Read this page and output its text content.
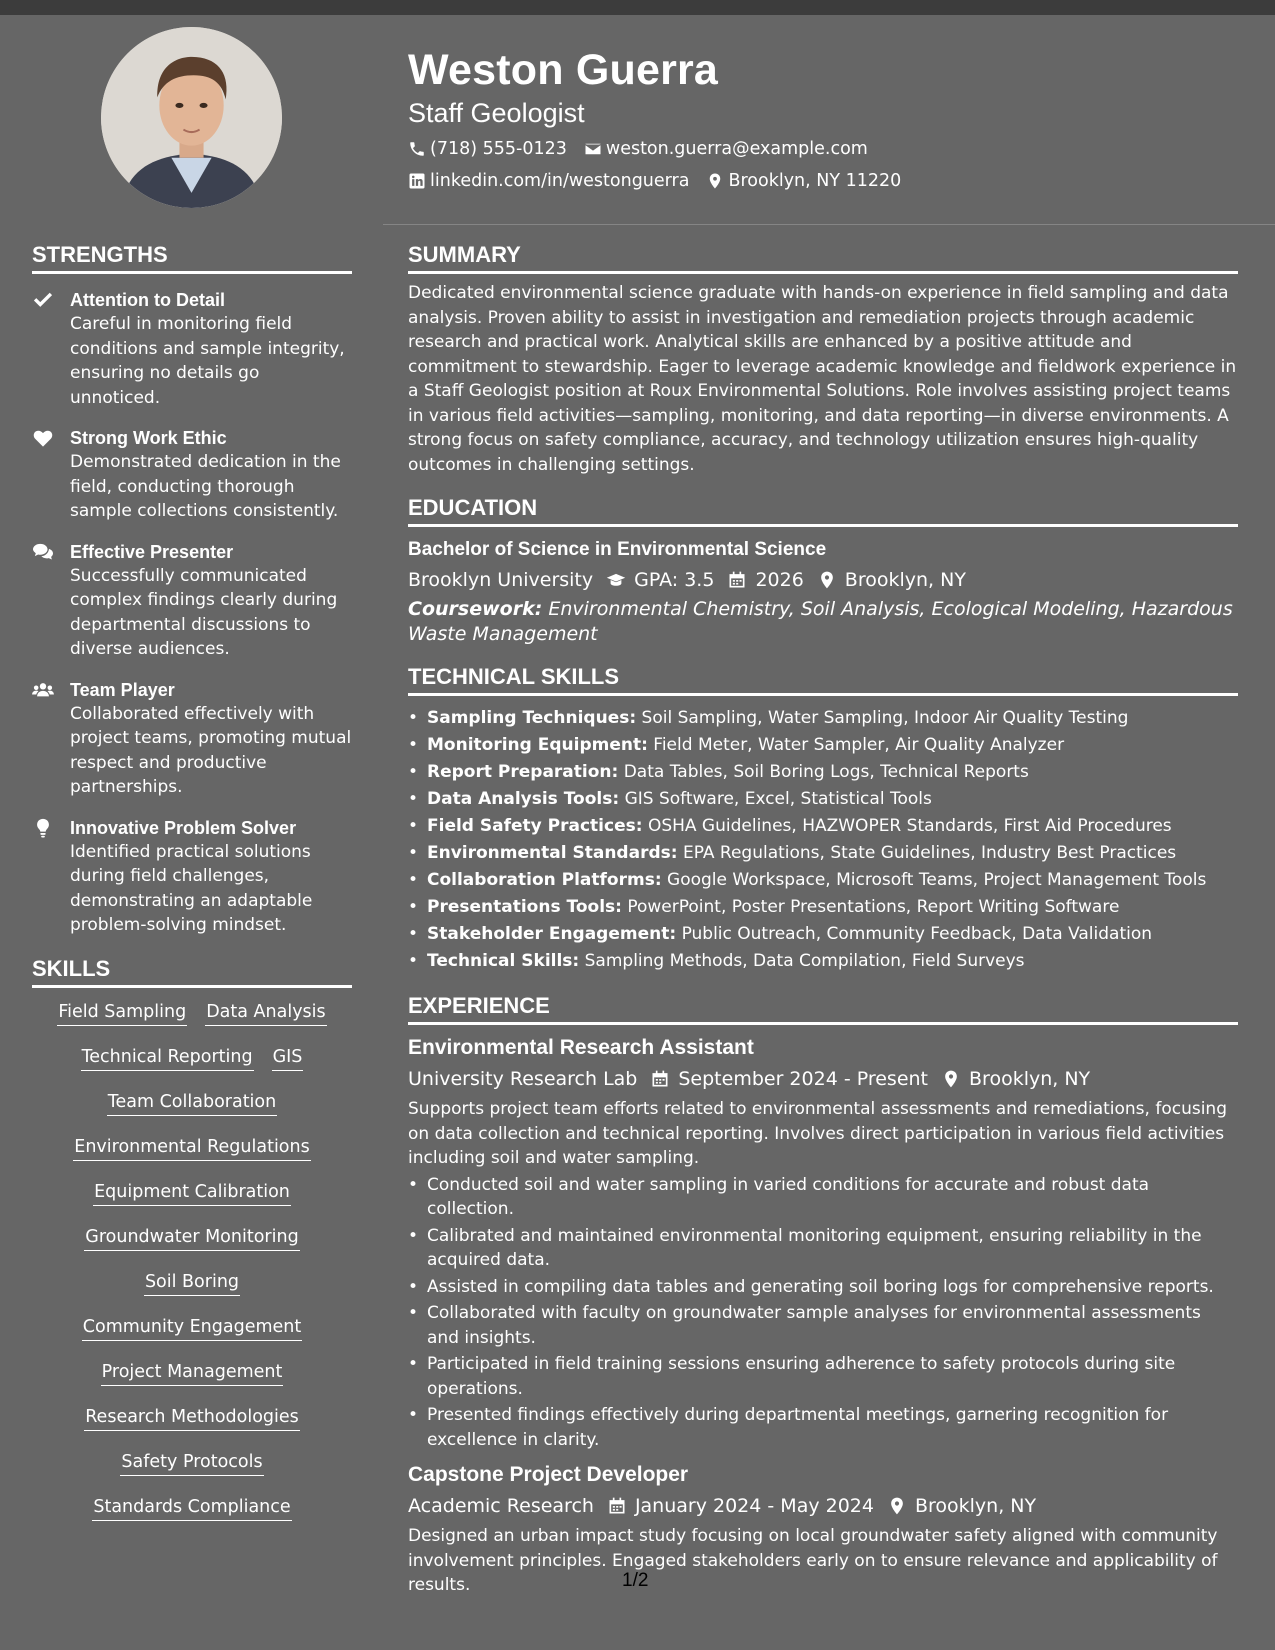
Weston Guerra
Staff Geologist
(718) 555-0123 weston.guerra@example.com
linkedin.com/in/westonguerra Brooklyn, NY 11220
STRENGTHS
Attention to Detail
Careful in monitoring field conditions and sample integrity, ensuring no details go unnoticed.
Strong Work Ethic
Demonstrated dedication in the field, conducting thorough sample collections consistently.
Effective Presenter
Successfully communicated complex findings clearly during departmental discussions to diverse audiences.
Team Player
Collaborated effectively with project teams, promoting mutual respect and productive partnerships.
Innovative Problem Solver
Identified practical solutions during field challenges, demonstrating an adaptable problem-solving mindset.
SKILLS
Field Sampling Data Analysis
Technical Reporting GIS
Team Collaboration
Environmental Regulations
Equipment Calibration
Groundwater Monitoring
Soil Boring
Community Engagement
Project Management
Research Methodologies
Safety Protocols
Standards Compliance
SUMMARY
Dedicated environmental science graduate with hands-on experience in field sampling and data analysis. Proven ability to assist in investigation and remediation projects through academic research and practical work. Analytical skills are enhanced by a positive attitude and commitment to stewardship. Eager to leverage academic knowledge and fieldwork experience in a Staff Geologist position at Roux Environmental Solutions. Role involves assisting project teams in various field activities—sampling, monitoring, and data reporting—in diverse environments. A strong focus on safety compliance, accuracy, and technology utilization ensures high-quality outcomes in challenging settings.
EDUCATION
Bachelor of Science in Environmental Science
Brooklyn University GPA: 3.5 2026 Brooklyn, NY
Coursework: Environmental Chemistry, Soil Analysis, Ecological Modeling, Hazardous Waste Management
TECHNICAL SKILLS
• Sampling Techniques: Soil Sampling, Water Sampling, Indoor Air Quality Testing
• Monitoring Equipment: Field Meter, Water Sampler, Air Quality Analyzer
• Report Preparation: Data Tables, Soil Boring Logs, Technical Reports
• Data Analysis Tools: GIS Software, Excel, Statistical Tools
• Field Safety Practices: OSHA Guidelines, HAZWOPER Standards, First Aid Procedures
• Environmental Standards: EPA Regulations, State Guidelines, Industry Best Practices
• Collaboration Platforms: Google Workspace, Microsoft Teams, Project Management Tools
• Presentations Tools: PowerPoint, Poster Presentations, Report Writing Software
• Stakeholder Engagement: Public Outreach, Community Feedback, Data Validation
• Technical Skills: Sampling Methods, Data Compilation, Field Surveys
EXPERIENCE
Environmental Research Assistant
University Research Lab September 2024 - Present Brooklyn, NY
Supports project team efforts related to environmental assessments and remediations, focusing on data collection and technical reporting. Involves direct participation in various field activities including soil and water sampling.
• Conducted soil and water sampling in varied conditions for accurate and robust data collection.
• Calibrated and maintained environmental monitoring equipment, ensuring reliability in the acquired data.
• Assisted in compiling data tables and generating soil boring logs for comprehensive reports.
• Collaborated with faculty on groundwater sample analyses for environmental assessments and insights.
• Participated in field training sessions ensuring adherence to safety protocols during site operations.
• Presented findings effectively during departmental meetings, garnering recognition for excellence in clarity.
Capstone Project Developer
Academic Research January 2024 - May 2024 Brooklyn, NY
Designed an urban impact study focusing on local groundwater safety aligned with community involvement principles. Engaged stakeholders early on to ensure relevance and applicability of results.	1/2
